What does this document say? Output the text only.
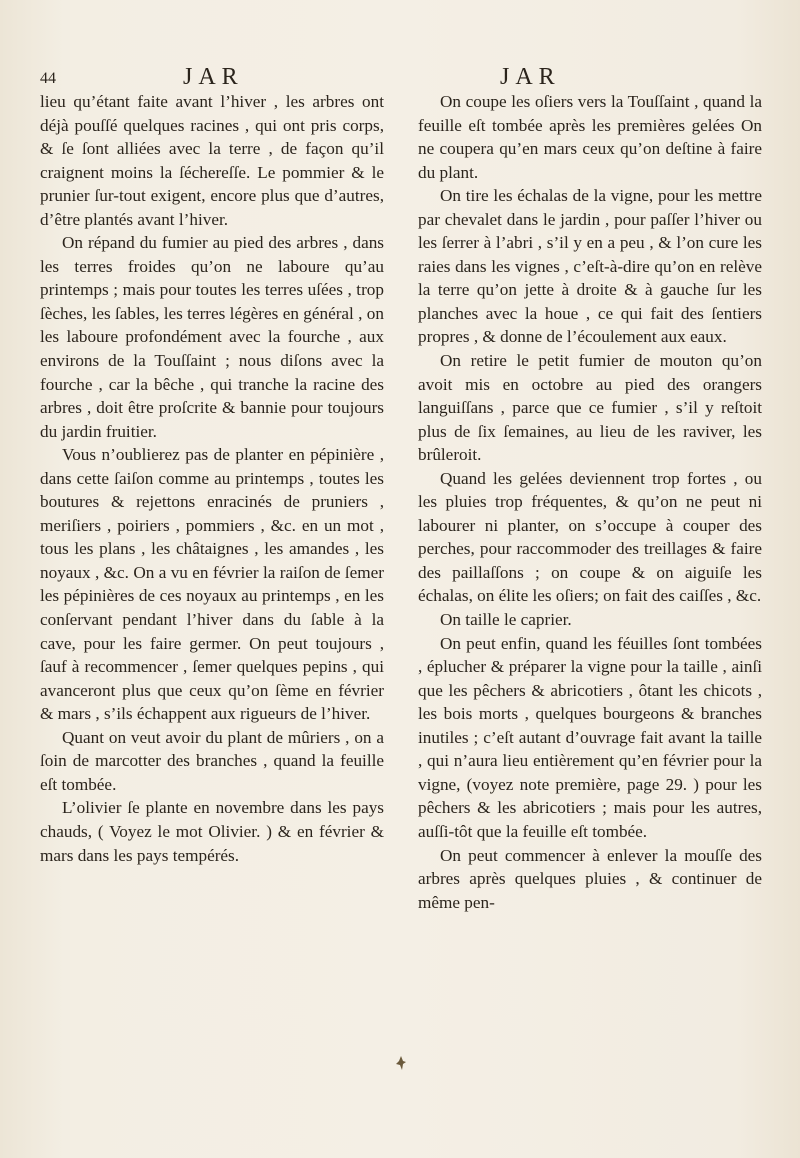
44	JAR	JAR

lieu qu’étant faite avant l’hiver , les arbres ont déjà pouſſé quelques racines , qui ont pris corps, & ſe ſont alliées avec la terre , de façon qu’il craignent moins la ſéchereſſe. Le pommier & le prunier ſur-tout exigent, encore plus que d’autres, d’être plantés avant l’hiver.

On répand du fumier au pied des arbres , dans les terres froides qu’on ne laboure qu’au printemps ; mais pour toutes les terres uſées , trop ſèches, les ſables, les terres légères en général , on les laboure profondément avec la fourche , aux environs de la Touſſaint ; nous diſons avec la fourche , car la bêche , qui tranche la racine des arbres , doit être proſcrite & bannie pour toujours du jardin fruitier.

Vous n’oublierez pas de planter en pépinière , dans cette ſaiſon comme au printemps , toutes les boutures & rejettons enracinés de pruniers , meriſiers , poiriers , pommiers , &c. en un mot , tous les plans , les châtaignes , les amandes , les noyaux , &c. On a vu en février la raiſon de ſemer les pépinières de ces noyaux au printemps , en les conſervant pendant l’hiver dans du ſable à la cave, pour les faire germer. On peut toujours , ſauf à recommencer , ſemer quelques pepins , qui avanceront plus que ceux qu’on ſème en février & mars , s’ils échappent aux rigueurs de l’hiver.

Quant on veut avoir du plant de mûriers , on a ſoin de marcotter des branches , quand la feuille eſt tombée.

L’olivier ſe plante en novembre dans les pays chauds, ( Voyez le mot Olivier. ) & en février & mars dans les pays tempérés.

On coupe les oſiers vers la Touſſaint , quand la feuille eſt tombée après les premières gelées On ne coupera qu’en mars ceux qu’on deſtine à faire du plant.

On tire les échalas de la vigne, pour les mettre par chevalet dans le jardin , pour paſſer l’hiver ou les ſerrer à l’abri , s’il y en a peu , & l’on cure les raies dans les vignes , c’eſt-à-dire qu’on en relève la terre qu’on jette à droite & à gauche ſur les planches avec la houe , ce qui fait des ſentiers propres , & donne de l’écoulement aux eaux.

On retire le petit fumier de mouton qu’on avoit mis en octobre au pied des orangers languiſſans , parce que ce fumier , s’il y reſtoit plus de ſix ſemaines, au lieu de les raviver, les brûleroit.

Quand les gelées deviennent trop fortes , ou les pluies trop fréquentes, & qu’on ne peut ni labourer ni planter, on s’occupe à couper des perches, pour raccommoder des treillages & faire des paillaſſons ; on coupe & on aiguiſe les échalas, on élite les oſiers; on fait des caiſſes , &c.

On taille le caprier.

On peut enfin, quand les féuilles ſont tombées , éplucher & préparer la vigne pour la taille , ainſi que les pêchers & abricotiers , ôtant les chicots , les bois morts , quelques bourgeons & branches inutiles ; c’eſt autant d’ouvrage fait avant la taille , qui n’aura lieu entièrement qu’en février pour la vigne, (voyez note première, page 29. ) pour les pêchers & les abricotiers ; mais pour les autres, auſſi-tôt que la feuille eſt tombée.

On peut commencer à enlever la mouſſe des arbres après quelques pluies , & continuer de même pen-
